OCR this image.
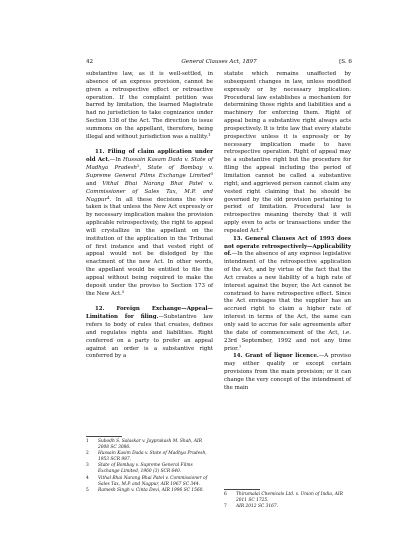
42	General Clauses Act, 1897	[S. 6

substantive law, as it is well-settled, in absence of an express provision, cannot be given a retrospective effect or retroactive operation. If the complaint petition was barred by limitation, the learned Magistrate had no jurisdiction to take cognizance under Section 138 of the Act. The direction to issue summons on the appellant, therefore, being illegal and without jurisdiction was a nullity.$^1$

11. Filing of claim application under old Act.—In Hussain Kasam Dada v. State of Madhya Pradesh$^2$, State of Bombay v. Supreme General Films Exchange Limited$^3$ and Vithal Bhai Narang Bhai Patel v. Commissioner of Sales Tax, M.P. and Nagpur$^4$. In all these decisions the view taken is that unless the New Act expressly or by necessary implication makes the provision applicable retrospectively, the right to appeal will crystallize in the appellant on the institution of the application in the Tribunal of first instance and that vested right of appeal would not be dislodged by the enactment of the new Act. In other words, the appellant would be entitled to file the appeal without being required to make the deposit under the proviso to Section 173 of the New Act.$^5$

12. Foreign Exchange—Appeal—Limitation for filing.—Substantive law refers to body of rules that creates, defines and regulates rights and liabilities. Right conferred on a party to prefer an appeal against an order is a substantive right conferred by a

statute which remains unaffected by subsequent changes in law, unless modified expressly or by necessary implication. Procedural law establishes a mechanism for determining those rights and liabilities and a machinery for enforcing them. Right of appeal being a substantive right always acts prospectively. It is trite law that every statute prospective unless it is expressly or by necessary implication made to have retrospective operation. Right of appeal may be a substantive right but the procedure for filing the appeal including the period of limitation cannot be called a substantive right, and aggrieved person cannot claim any vested right claiming that he should be governed by the old provision pertaining to period of limitation. Procedural law is retrospective meaning thereby that it will apply even to acts or transactions under the repealed Act.$^6$

13. General Clauses Act of 1993 does not operate retrospectively—Applicability of.—In the absence of any express legislative intendment of the retrospective application of the Act, and by virtue of the fact that the Act creates a new liability of a high rate of interest against the buyer, the Act cannot be construed to have retrospective effect. Since the Act envisages that the supplier has an accrued right to claim a higher rate of interest in terms of the Act, the same can only said to accrue for sale agreements after the date of commencement of the Act, i.e. 23rd September, 1992 and not any time prior.$^7$

14. Grant of liquor licence.—A proviso may either qualify or except certain provisions from the main provision; or it can change the very concept of the intendment of the main

1 Subodh S. Salaskar v. Jayprakash M. Shah, AIR 2008 SC 3086.
2 Hussain Kasim Dada v. State of Madhya Pradesh, 1953 SCR 987.
3 State of Bombay v. Supreme General Films Exchange Limited, 1960 (3) SCR 640.
4 Vithal Bhai Narang Bhai Patel v. Commissioner of Sales Tax, M.P. and Nagpur, AIR 1967 SC 344.
5 Ramesh Singh v. Cinta Devi, AIR 1996 SC 1560.
6 Thirumalai Chemicals Ltd. v. Union of India, AIR 2011 SC 1725.
7 AIR 2012 SC 3167.
